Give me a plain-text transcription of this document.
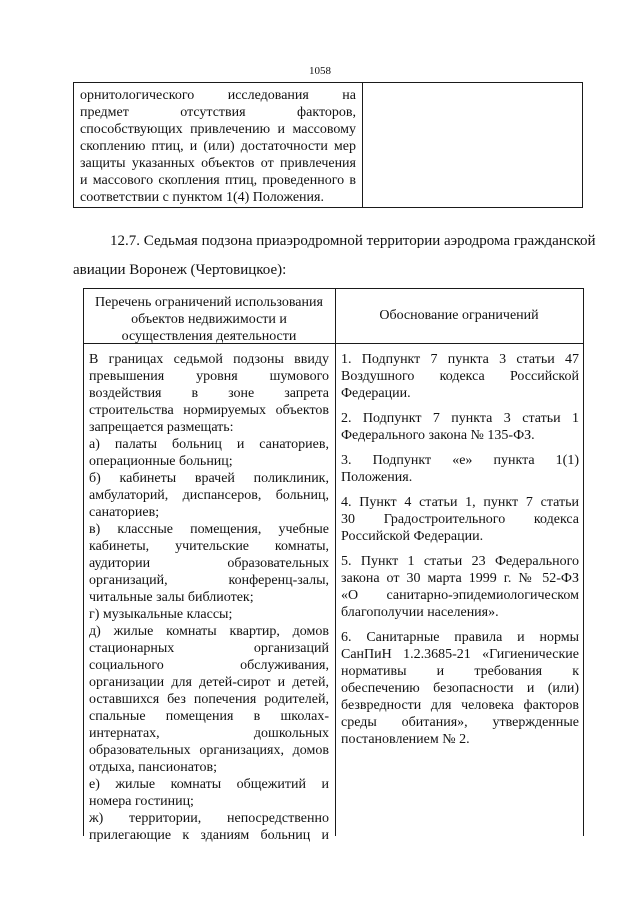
1058
орнитологического исследования на
предмет отсутствия факторов,
способствующих привлечению и массовому
скоплению птиц, и (или) достаточности мер
защиты указанных объектов от привлечения
и массового скопления птиц, проведенного в
соответствии с пунктом 1(4) Положения.
12.7. Седьмая подзона приаэродромной территории аэродрома гражданской
авиации Воронеж (Чертовицкое):
Перечень ограничений использования
объектов недвижимости и
осуществления деятельности
Обоснование ограничений
В границах седьмой подзоны ввиду
превышения уровня шумового
воздействия в зоне запрета
строительства нормируемых объектов
запрещается размещать:
а) палаты больниц и санаториев,
операционные больниц;
б) кабинеты врачей поликлиник,
амбулаторий, диспансеров, больниц,
санаториев;
в) классные помещения, учебные
кабинеты, учительские комнаты,
аудитории образовательных
организаций, конференц-залы,
читальные залы библиотек;
г) музыкальные классы;
д) жилые комнаты квартир, домов
стационарных организаций
социального обслуживания,
организации для детей-сирот и детей,
оставшихся без попечения родителей,
спальные помещения в школах-
интернатах, дошкольных
образовательных организациях, домов
отдыха, пансионатов;
е) жилые комнаты общежитий и
номера гостиниц;
ж) территории, непосредственно
прилегающие к зданиям больниц и
1. Подпункт 7 пункта 3 статьи 47
Воздушного кодекса Российской
Федерации.
2. Подпункт 7 пункта 3 статьи 1
Федерального закона № 135-ФЗ.
3. Подпункт «е» пункта 1(1)
Положения.
4. Пункт 4 статьи 1, пункт 7 статьи
30 Градостроительного кодекса
Российской Федерации.
5. Пункт 1 статьи 23 Федерального
закона от 30 марта 1999 г. № 52-ФЗ
«О санитарно-эпидемиологическом
благополучии населения».
6. Санитарные правила и нормы
СанПиН 1.2.3685-21 «Гигиенические
нормативы и требования к
обеспечению безопасности и (или)
безвредности для человека факторов
среды обитания», утвержденные
постановлением № 2.
